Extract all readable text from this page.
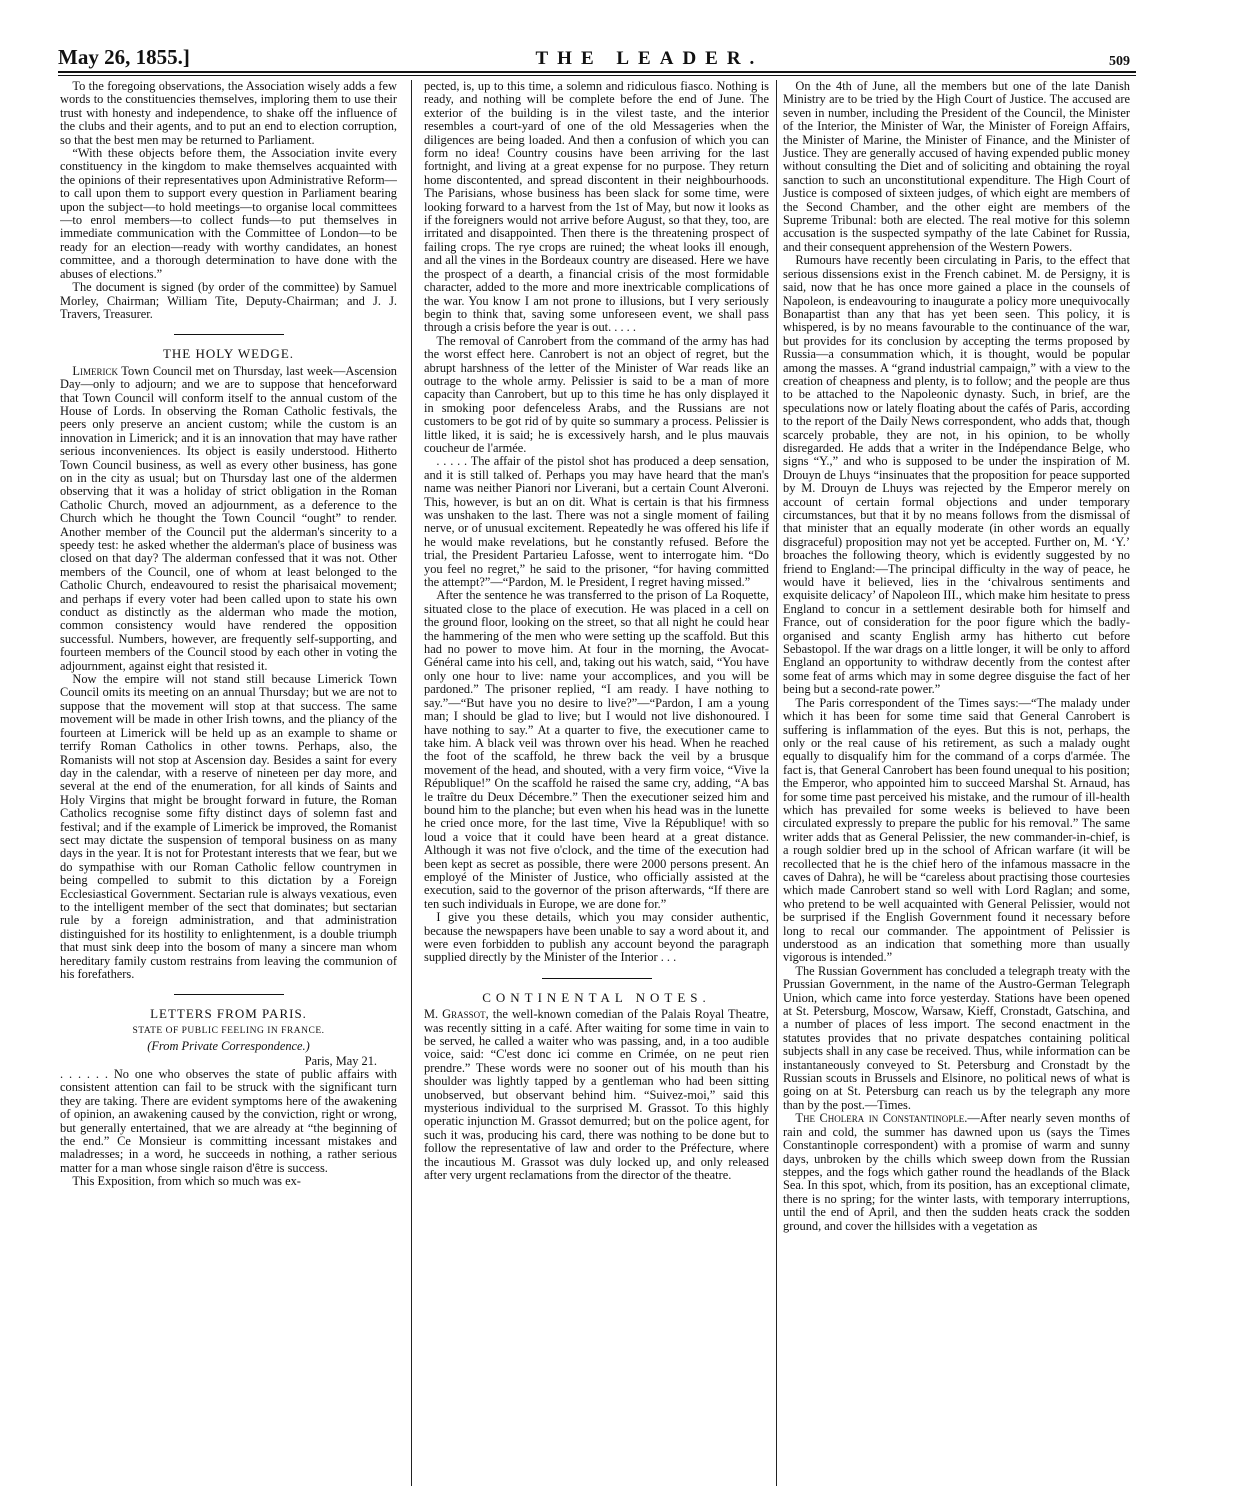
May 26, 1855.]	THE LEADER.	509

To the foregoing observations, the Association wisely adds a few words to the constituencies themselves, imploring them to use their trust with honesty and independence, to shake off the influence of the clubs and their agents, and to put an end to election corruption, so that the best men may be returned to Parliament.

“With these objects before them, the Association invite every constituency in the kingdom to make themselves acquainted with the opinions of their representatives upon Administrative Reform—to call upon them to support every question in Parliament bearing upon the subject—to hold meetings—to organise local committees—to enrol members—to collect funds—to put themselves in immediate communication with the Committee of London—to be ready for an election—ready with worthy candidates, an honest committee, and a thorough determination to have done with the abuses of elections.”

The document is signed (by order of the committee) by Samuel Morley, Chairman; William Tite, Deputy-Chairman; and J. J. Travers, Treasurer.

THE HOLY WEDGE.

Limerick Town Council met on Thursday, last week—Ascension Day—only to adjourn; and we are to suppose that henceforward that Town Council will conform itself to the annual custom of the House of Lords. In observing the Roman Catholic festivals, the peers only preserve an ancient custom; while the custom is an innovation in Limerick; and it is an innovation that may have rather serious inconveniences. Its object is easily understood. Hitherto Town Council business, as well as every other business, has gone on in the city as usual; but on Thursday last one of the aldermen observing that it was a holiday of strict obligation in the Roman Catholic Church, moved an adjournment, as a deference to the Church which he thought the Town Council “ought” to render. Another member of the Council put the alderman's sincerity to a speedy test: he asked whether the alderman's place of business was closed on that day? The alderman confessed that it was not. Other members of the Council, one of whom at least belonged to the Catholic Church, endeavoured to resist the pharisaical movement; and perhaps if every voter had been called upon to state his own conduct as distinctly as the alderman who made the motion, common consistency would have rendered the opposition successful. Numbers, however, are frequently self-supporting, and fourteen members of the Council stood by each other in voting the adjournment, against eight that resisted it.

Now the empire will not stand still because Limerick Town Council omits its meeting on an annual Thursday; but we are not to suppose that the movement will stop at that success. The same movement will be made in other Irish towns, and the pliancy of the fourteen at Limerick will be held up as an example to shame or terrify Roman Catholics in other towns. Perhaps, also, the Romanists will not stop at Ascension day. Besides a saint for every day in the calendar, with a reserve of nineteen per day more, and several at the end of the enumeration, for all kinds of Saints and Holy Virgins that might be brought forward in future, the Roman Catholics recognise some fifty distinct days of solemn fast and festival; and if the example of Limerick be improved, the Romanist sect may dictate the suspension of temporal business on as many days in the year. It is not for Protestant interests that we fear, but we do sympathise with our Roman Catholic fellow countrymen in being compelled to submit to this dictation by a Foreign Ecclesiastical Government. Sectarian rule is always vexatious, even to the intelligent member of the sect that dominates; but sectarian rule by a foreign administration, and that administration distinguished for its hostility to enlightenment, is a double triumph that must sink deep into the bosom of many a sincere man whom hereditary family custom restrains from leaving the communion of his forefathers.

LETTERS FROM PARIS.
STATE OF PUBLIC FEELING IN FRANCE.
(From Private Correspondence.)
Paris, May 21.

. . . . . . No one who observes the state of public affairs with consistent attention can fail to be struck with the significant turn they are taking. There are evident symptoms here of the awakening of opinion, an awakening caused by the conviction, right or wrong, but generally entertained, that we are already at “the beginning of the end.” Ce Monsieur is committing incessant mistakes and maladresses; in a word, he succeeds in nothing, a rather serious matter for a man whose single raison d'être is success.

This Exposition, from which so much was ex-

pected, is, up to this time, a solemn and ridiculous fiasco. Nothing is ready, and nothing will be complete before the end of June. The exterior of the building is in the vilest taste, and the interior resembles a court-yard of one of the old Messageries when the diligences are being loaded. And then a confusion of which you can form no idea! Country cousins have been arriving for the last fortnight, and living at a great expense for no purpose. They return home discontented, and spread discontent in their neighbourhoods. The Parisians, whose business has been slack for some time, were looking forward to a harvest from the 1st of May, but now it looks as if the foreigners would not arrive before August, so that they, too, are irritated and disappointed. Then there is the threatening prospect of failing crops. The rye crops are ruined; the wheat looks ill enough, and all the vines in the Bordeaux country are diseased. Here we have the prospect of a dearth, a financial crisis of the most formidable character, added to the more and more inextricable complications of the war. You know I am not prone to illusions, but I very seriously begin to think that, saving some unforeseen event, we shall pass through a crisis before the year is out. . . . .

The removal of Canrobert from the command of the army has had the worst effect here. Canrobert is not an object of regret, but the abrupt harshness of the letter of the Minister of War reads like an outrage to the whole army. Pelissier is said to be a man of more capacity than Canrobert, but up to this time he has only displayed it in smoking poor defenceless Arabs, and the Russians are not customers to be got rid of by quite so summary a process. Pelissier is little liked, it is said; he is excessively harsh, and le plus mauvais coucheur de l'armée.

. . . . . The affair of the pistol shot has produced a deep sensation, and it is still talked of. Perhaps you may have heard that the man's name was neither Pianori nor Liverani, but a certain Count Alveroni. This, however, is but an on dit. What is certain is that his firmness was unshaken to the last. There was not a single moment of failing nerve, or of unusual excitement. Repeatedly he was offered his life if he would make revelations, but he constantly refused. Before the trial, the President Partarieu Lafosse, went to interrogate him. “Do you feel no regret,” he said to the prisoner, “for having committed the attempt?”—“Pardon, M. le President, I regret having missed.”

After the sentence he was transferred to the prison of La Roquette, situated close to the place of execution. He was placed in a cell on the ground floor, looking on the street, so that all night he could hear the hammering of the men who were setting up the scaffold. But this had no power to move him. At four in the morning, the Avocat-Général came into his cell, and, taking out his watch, said, “You have only one hour to live: name your accomplices, and you will be pardoned.” The prisoner replied, “I am ready. I have nothing to say.”—“But have you no desire to live?”—“Pardon, I am a young man; I should be glad to live; but I would not live dishonoured. I have nothing to say.” At a quarter to five, the executioner came to take him. A black veil was thrown over his head. When he reached the foot of the scaffold, he threw back the veil by a brusque movement of the head, and shouted, with a very firm voice, “Vive la République!” On the scaffold he raised the same cry, adding, “A bas le traître du Deux Décembre.” Then the executioner seized him and bound him to the planche; but even when his head was in the lunette he cried once more, for the last time, Vive la République! with so loud a voice that it could have been heard at a great distance. Although it was not five o'clock, and the time of the execution had been kept as secret as possible, there were 2000 persons present. An employé of the Minister of Justice, who officially assisted at the execution, said to the governor of the prison afterwards, “If there are ten such individuals in Europe, we are done for.”

I give you these details, which you may consider authentic, because the newspapers have been unable to say a word about it, and were even forbidden to publish any account beyond the paragraph supplied directly by the Minister of the Interior . . .

CONTINENTAL NOTES.

M. Grassot, the well-known comedian of the Palais Royal Theatre, was recently sitting in a café. After waiting for some time in vain to be served, he called a waiter who was passing, and, in a too audible voice, said: “C'est donc ici comme en Crimée, on ne peut rien prendre.” These words were no sooner out of his mouth than his shoulder was lightly tapped by a gentleman who had been sitting unobserved, but observant behind him. “Suivez-moi,” said this mysterious individual to the surprised M. Grassot. To this highly operatic injunction M. Grassot demurred; but on the police agent, for such it was, producing his card, there was nothing to be done but to follow the representative of law and order to the Préfecture, where the incautious M. Grassot was duly locked up, and only released after very urgent reclamations from the director of the theatre.

On the 4th of June, all the members but one of the late Danish Ministry are to be tried by the High Court of Justice. The accused are seven in number, including the President of the Council, the Minister of the Interior, the Minister of War, the Minister of Foreign Affairs, the Minister of Marine, the Minister of Finance, and the Minister of Justice. They are generally accused of having expended public money without consulting the Diet and of soliciting and obtaining the royal sanction to such an unconstitutional expenditure. The High Court of Justice is composed of sixteen judges, of which eight are members of the Second Chamber, and the other eight are members of the Supreme Tribunal: both are elected. The real motive for this solemn accusation is the suspected sympathy of the late Cabinet for Russia, and their consequent apprehension of the Western Powers.

Rumours have recently been circulating in Paris, to the effect that serious dissensions exist in the French cabinet. M. de Persigny, it is said, now that he has once more gained a place in the counsels of Napoleon, is endeavouring to inaugurate a policy more unequivocally Bonapartist than any that has yet been seen. This policy, it is whispered, is by no means favourable to the continuance of the war, but provides for its conclusion by accepting the terms proposed by Russia—a consummation which, it is thought, would be popular among the masses. A “grand industrial campaign,” with a view to the creation of cheapness and plenty, is to follow; and the people are thus to be attached to the Napoleonic dynasty. Such, in brief, are the speculations now or lately floating about the cafés of Paris, according to the report of the Daily News correspondent, who adds that, though scarcely probable, they are not, in his opinion, to be wholly disregarded. He adds that a writer in the Indépendance Belge, who signs “Y.,” and who is supposed to be under the inspiration of M. Drouyn de Lhuys “insinuates that the proposition for peace supported by M. Drouyn de Lhuys was rejected by the Emperor merely on account of certain formal objections and under temporary circumstances, but that it by no means follows from the dismissal of that minister that an equally moderate (in other words an equally disgraceful) proposition may not yet be accepted. Further on, M. ‘Y.’ broaches the following theory, which is evidently suggested by no friend to England:—The principal difficulty in the way of peace, he would have it believed, lies in the ‘chivalrous sentiments and exquisite delicacy’ of Napoleon III., which make him hesitate to press England to concur in a settlement desirable both for himself and France, out of consideration for the poor figure which the badly-organised and scanty English army has hitherto cut before Sebastopol. If the war drags on a little longer, it will be only to afford England an opportunity to withdraw decently from the contest after some feat of arms which may in some degree disguise the fact of her being but a second-rate power.”

The Paris correspondent of the Times says:—“The malady under which it has been for some time said that General Canrobert is suffering is inflammation of the eyes. But this is not, perhaps, the only or the real cause of his retirement, as such a malady ought equally to disqualify him for the command of a corps d'armée. The fact is, that General Canrobert has been found unequal to his position; the Emperor, who appointed him to succeed Marshal St. Arnaud, has for some time past perceived his mistake, and the rumour of ill-health which has prevailed for some weeks is believed to have been circulated expressly to prepare the public for his removal.” The same writer adds that as General Pelissier, the new commander-in-chief, is a rough soldier bred up in the school of African warfare (it will be recollected that he is the chief hero of the infamous massacre in the caves of Dahra), he will be “careless about practising those courtesies which made Canrobert stand so well with Lord Raglan; and some, who pretend to be well acquainted with General Pelissier, would not be surprised if the English Government found it necessary before long to recal our commander. The appointment of Pelissier is understood as an indication that something more than usually vigorous is intended.”

The Russian Government has concluded a telegraph treaty with the Prussian Government, in the name of the Austro-German Telegraph Union, which came into force yesterday. Stations have been opened at St. Petersburg, Moscow, Warsaw, Kieff, Cronstadt, Gatschina, and a number of places of less import. The second enactment in the statutes provides that no private despatches containing political subjects shall in any case be received. Thus, while information can be instantaneously conveyed to St. Petersburg and Cronstadt by the Russian scouts in Brussels and Elsinore, no political news of what is going on at St. Petersburg can reach us by the telegraph any more than by the post.—Times.

The Cholera in Constantinople.—After nearly seven months of rain and cold, the summer has dawned upon us (says the Times Constantinople correspondent) with a promise of warm and sunny days, unbroken by the chills which sweep down from the Russian steppes, and the fogs which gather round the headlands of the Black Sea. In this spot, which, from its position, has an exceptional climate, there is no spring; for the winter lasts, with temporary interruptions, until the end of April, and then the sudden heats crack the sodden ground, and cover the hillsides with a vegetation as
